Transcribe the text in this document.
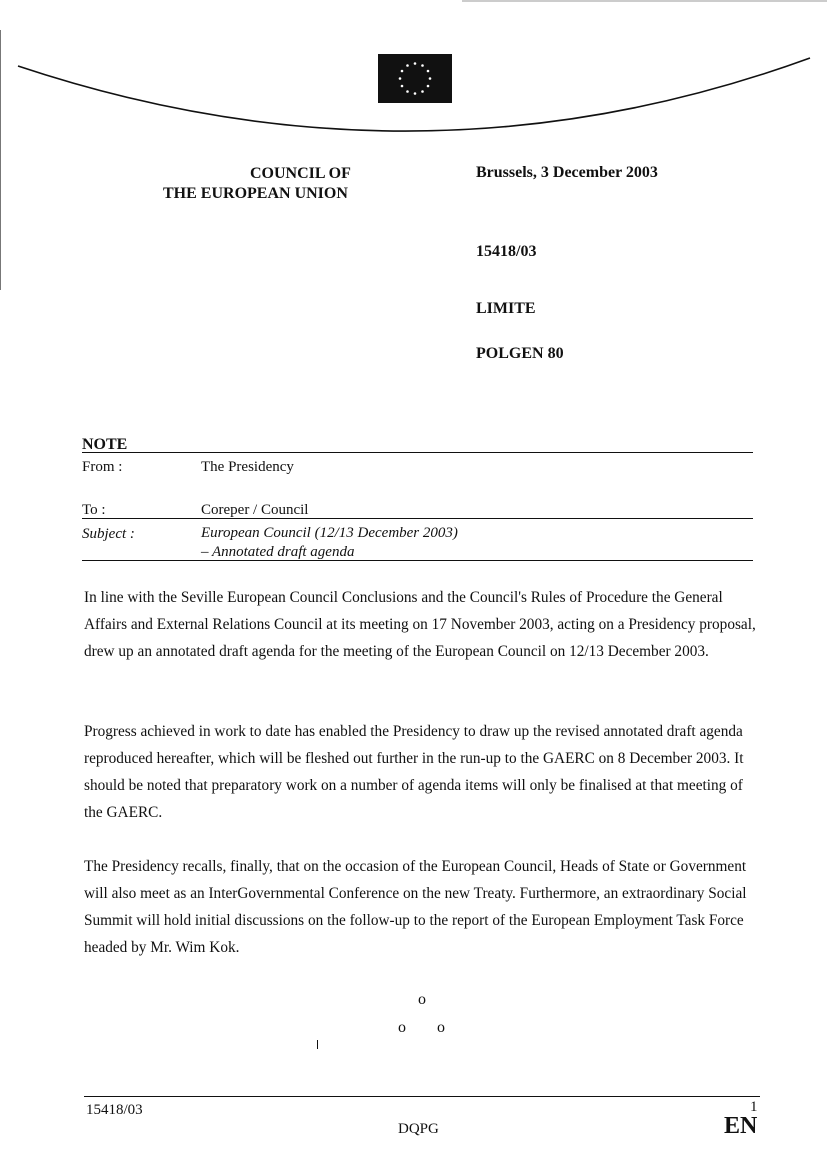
COUNCIL OF
THE EUROPEAN UNION
Brussels, 3 December 2003
15418/03
LIMITE
POLGEN 80
NOTE
From :	The Presidency
To :	Coreper / Council
Subject :	European Council (12/13 December 2003)
– Annotated draft agenda
In line with the Seville European Council Conclusions and the Council's Rules of Procedure the General Affairs and External Relations Council at its meeting on 17 November 2003, acting on a Presidency proposal, drew up an annotated draft agenda for the meeting of the European Council on 12/13 December 2003.
Progress achieved in work to date has enabled the Presidency to draw up the revised annotated draft agenda reproduced hereafter, which will be fleshed out further in the run-up to the GAERC on 8 December 2003. It should be noted that preparatory work on a number of agenda items will only be finalised at that meeting of the GAERC.
The Presidency recalls, finally, that on the occasion of the European Council, Heads of State or Government will also meet as an InterGovernmental Conference on the new Treaty. Furthermore, an extraordinary Social Summit will hold initial discussions on the follow-up to the report of the European Employment Task Force headed by Mr. Wim Kok.
o
o o
15418/03	1
DQPG	EN
